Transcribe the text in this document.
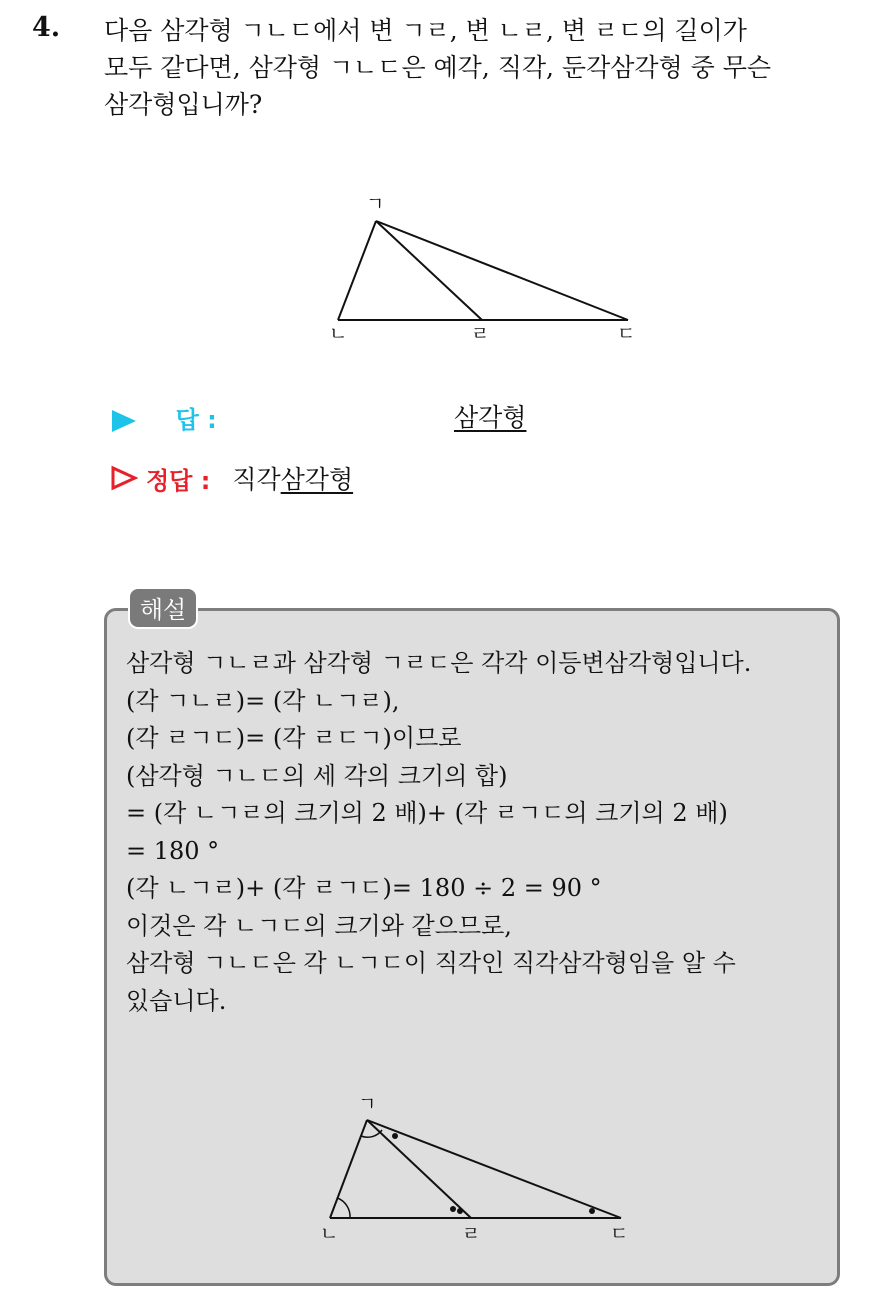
4. 다음 삼각형 ㄱㄴㄷ에서 변 ㄱㄹ, 변 ㄴㄹ, 변 ㄹㄷ의 길이가
모두 같다면, 삼각형 ㄱㄴㄷ은 예각, 직각, 둔각삼각형 중 무슨
삼각형입니까?
ㄱ
ㄴ	ㄹ	ㄷ
답 :	삼각형
정답 : 직각삼각형
해설
삼각형 ㄱㄴㄹ과 삼각형 ㄱㄹㄷ은 각각 이등변삼각형입니다.
(각 ㄱㄴㄹ)= (각 ㄴㄱㄹ),
(각 ㄹㄱㄷ)= (각 ㄹㄷㄱ)이므로
(삼각형 ㄱㄴㄷ의 세 각의 크기의 합)
= (각 ㄴㄱㄹ의 크기의 2 배)+ (각 ㄹㄱㄷ의 크기의 2 배)
= 180 °
(각 ㄴㄱㄹ)+ (각 ㄹㄱㄷ)= 180 ÷ 2 = 90 °
이것은 각 ㄴㄱㄷ의 크기와 같으므로,
삼각형 ㄱㄴㄷ은 각 ㄴㄱㄷ이 직각인 직각삼각형임을 알 수
있습니다.
ㄱ
ㄴ	ㄹ	ㄷ
